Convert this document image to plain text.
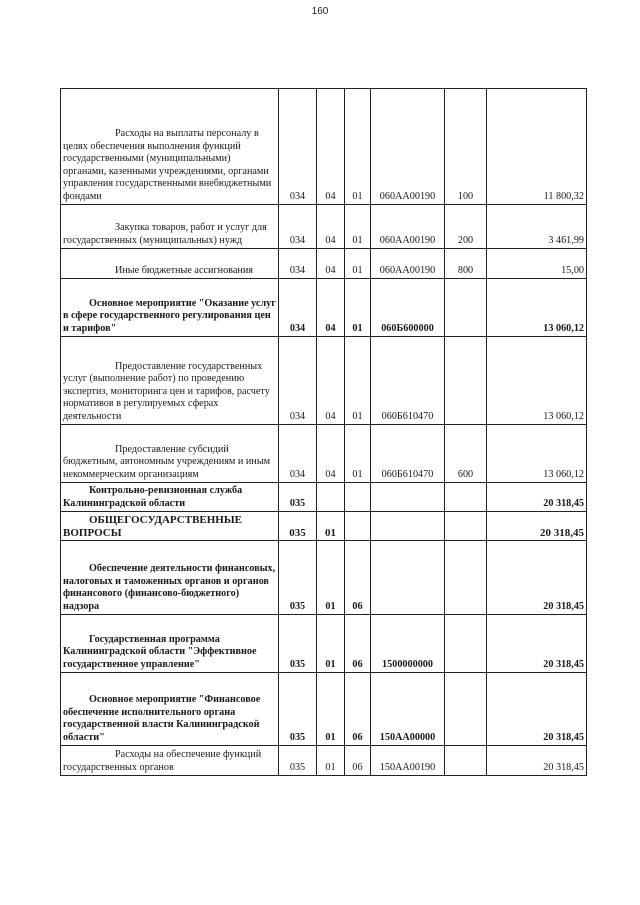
160
Расходы на выплаты персоналу в целях обеспечения выполнения функций государственными (муниципальными) органами, казенными учреждениями, органами управления государственными внебюджетными фондами	034	04	01	060АА00190	100	11 800,32
Закупка товаров, работ и услуг для государственных (муниципальных) нужд	034	04	01	060АА00190	200	3 461,99
Иные бюджетные ассигнования	034	04	01	060АА00190	800	15,00
Основное мероприятие "Оказание услуг в сфере государственного регулирования цен и тарифов"	034	04	01	060Б600000		13 060,12
Предоставление государственных услуг (выполнение работ) по проведению экспертиз, мониторинга цен и тарифов, расчету нормативов в регулируемых сферах деятельности	034	04	01	060Б610470		13 060,12
Предоставление субсидий бюджетным, автономным учреждениям и иным некоммерческим организациям	034	04	01	060Б610470	600	13 060,12
Контрольно-ревизионная служба Калининградской области	035					20 318,45
ОБЩЕГОСУДАРСТВЕННЫЕ ВОПРОСЫ	035	01				20 318,45
Обеспечение деятельности финансовых, налоговых и таможенных органов и органов финансового (финансово-бюджетного) надзора	035	01	06			20 318,45
Государственная программа Калининградской области "Эффективное государственное управление"	035	01	06	1500000000		20 318,45
Основное мероприятие "Финансовое обеспечение исполнительного органа государственной власти Калининградской области"	035	01	06	150АА00000		20 318,45
Расходы на обеспечение функций государственных органов	035	01	06	150АА00190		20 318,45
